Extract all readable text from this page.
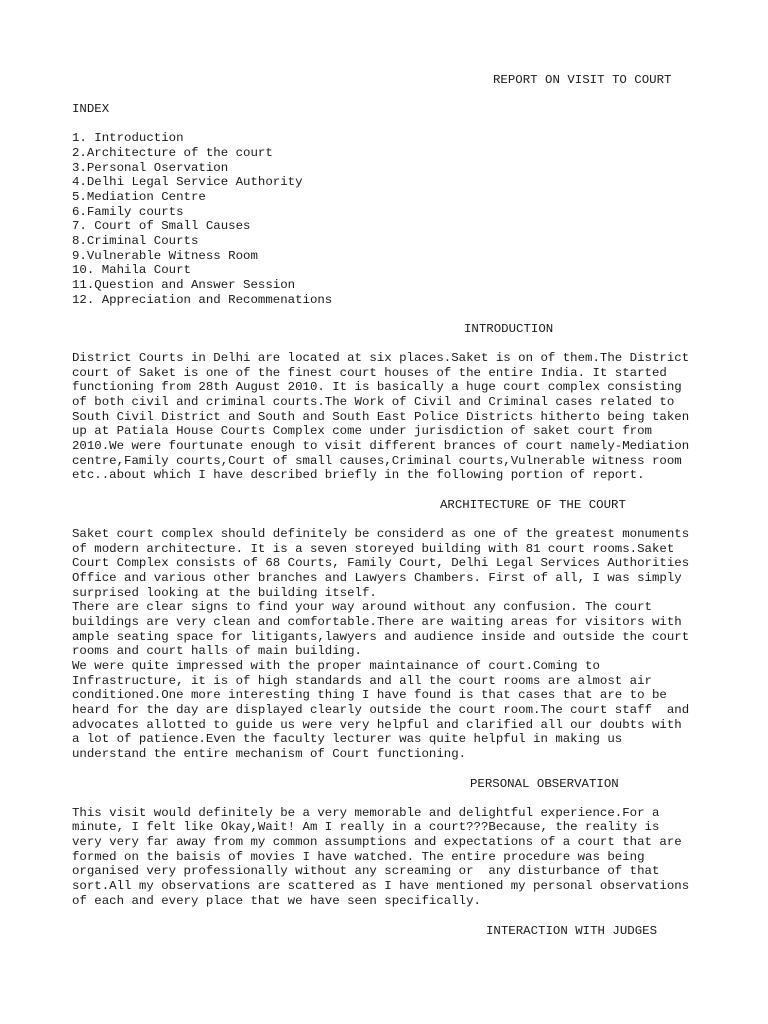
REPORT ON VISIT TO COURT
INDEX
1. Introduction
2.Architecture of the court
3.Personal Oservation
4.Delhi Legal Service Authority
5.Mediation Centre
6.Family courts
7. Court of Small Causes
8.Criminal Courts
9.Vulnerable Witness Room
10. Mahila Court
11.Question and Answer Session
12. Appreciation and Recommenations
INTRODUCTION
District Courts in Delhi are located at six places.Saket is on of them.The District
court of Saket is one of the finest court houses of the entire India. It started
functioning from 28th August 2010. It is basically a huge court complex consisting
of both civil and criminal courts.The Work of Civil and Criminal cases related to
South Civil District and South and South East Police Districts hitherto being taken
up at Patiala House Courts Complex come under jurisdiction of saket court from
2010.We were fourtunate enough to visit different brances of court namely-Mediation
centre,Family courts,Court of small causes,Criminal courts,Vulnerable witness room
etc..about which I have described briefly in the following portion of report.
ARCHITECTURE OF THE COURT
Saket court complex should definitely be considerd as one of the greatest monuments
of modern architecture. It is a seven storeyed building with 81 court rooms.Saket
Court Complex consists of 68 Courts, Family Court, Delhi Legal Services Authorities
Office and various other branches and Lawyers Chambers. First of all, I was simply
surprised looking at the building itself.
There are clear signs to find your way around without any confusion. The court
buildings are very clean and comfortable.There are waiting areas for visitors with
ample seating space for litigants,lawyers and audience inside and outside the court
rooms and court halls of main building.
We were quite impressed with the proper maintainance of court.Coming to
Infrastructure, it is of high standards and all the court rooms are almost air
conditioned.One more interesting thing I have found is that cases that are to be
heard for the day are displayed clearly outside the court room.The court staff  and
advocates allotted to guide us were very helpful and clarified all our doubts with
a lot of patience.Even the faculty lecturer was quite helpful in making us
understand the entire mechanism of Court functioning.
PERSONAL OBSERVATION
This visit would definitely be a very memorable and delightful experience.For a
minute, I felt like Okay,Wait! Am I really in a court???Because, the reality is
very very far away from my common assumptions and expectations of a court that are
formed on the baisis of movies I have watched. The entire procedure was being
organised very professionally without any screaming or  any disturbance of that
sort.All my observations are scattered as I have mentioned my personal observations
of each and every place that we have seen specifically.
INTERACTION WITH JUDGES
